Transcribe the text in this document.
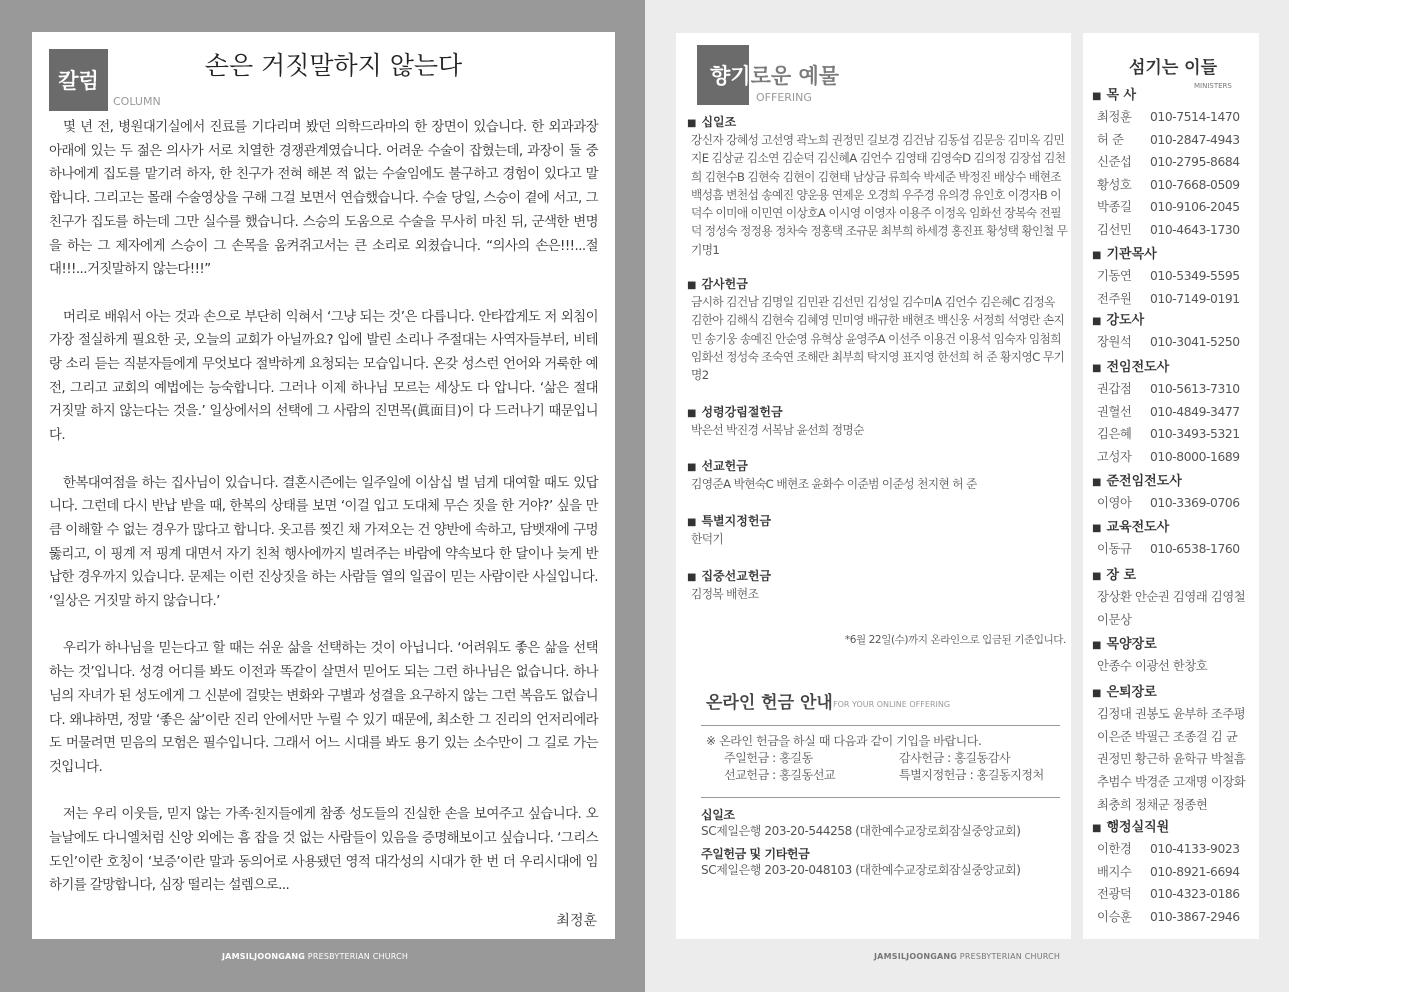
칼럼
COLUMN
손은 거짓말하지 않는다

몇 년 전, 병원대기실에서 진료를 기다리며 봤던 의학드라마의 한 장면이 있습니다. 한 외과과장 아래에 있는 두 젊은 의사가 서로 치열한 경쟁관계였습니다. 어려운 수술이 잡혔는데, 과장이 둘 중 하나에게 집도를 맡기려 하자, 한 친구가 전혀 해본 적 없는 수술임에도 불구하고 경험이 있다고 말합니다. 그리고는 몰래 수술영상을 구해 그걸 보면서 연습했습니다. 수술 당일, 스승이 곁에 서고, 그 친구가 집도를 하는데 그만 실수를 했습니다. 스승의 도움으로 수술을 무사히 마친 뒤, 군색한 변명을 하는 그 제자에게 스승이 그 손목을 움켜쥐고서는 큰 소리로 외쳤습니다. “의사의 손은!!!...절대!!!...거짓말하지 않는다!!!”

머리로 배워서 아는 것과 손으로 부단히 익혀서 ‘그냥 되는 것’은 다릅니다. 안타깝게도 저 외침이 가장 절실하게 필요한 곳, 오늘의 교회가 아닐까요? 입에 발린 소리나 주절대는 사역자들부터, 비테랑 소리 듣는 직분자들에게 무엇보다 절박하게 요청되는 모습입니다. 온갖 성스런 언어와 거룩한 예전, 그리고 교회의 예법에는 능숙합니다. 그러나 이제 하나님 모르는 세상도 다 압니다. ‘삶은 절대 거짓말 하지 않는다는 것을.’ 일상에서의 선택에 그 사람의 진면목(眞面目)이 다 드러나기 때문입니다.

한복대여점을 하는 집사님이 있습니다. 결혼시즌에는 일주일에 이삼십 벌 넘게 대여할 때도 있답니다. 그런데 다시 반납 받을 때, 한복의 상태를 보면 ‘이걸 입고 도대체 무슨 짓을 한 거야?’ 싶을 만큼 이해할 수 없는 경우가 많다고 합니다. 옷고름 찢긴 채 가져오는 건 양반에 속하고, 담뱃재에 구멍 뚫리고, 이 핑계 저 핑계 대면서 자기 친척 행사에까지 빌려주는 바람에 약속보다 한 달이나 늦게 반납한 경우까지 있습니다. 문제는 이런 진상짓을 하는 사람들 열의 일곱이 믿는 사람이란 사실입니다. ‘일상은 거짓말 하지 않습니다.’

우리가 하나님을 믿는다고 할 때는 쉬운 삶을 선택하는 것이 아닙니다. ‘어려워도 좋은 삶을 선택하는 것’입니다. 성경 어디를 봐도 이전과 똑같이 살면서 믿어도 되는 그런 하나님은 없습니다. 하나님의 자녀가 된 성도에게 그 신분에 걸맞는 변화와 구별과 성결을 요구하지 않는 그런 복음도 없습니다. 왜냐하면, 정말 ‘좋은 삶’이란 진리 안에서만 누릴 수 있기 때문에, 최소한 그 진리의 언저리에라도 머물려면 믿음의 모험은 필수입니다. 그래서 어느 시대를 봐도 용기 있는 소수만이 그 길로 가는 것입니다.

저는 우리 이웃들, 믿지 않는 가족·친지들에게 참종 성도들의 진실한 손을 보여주고 싶습니다. 오늘날에도 다니엘처럼 신앙 외에는 흠 잡을 것 없는 사람들이 있음을 증명해보이고 싶습니다. ‘그리스도인’이란 호칭이 ‘보증’이란 말과 동의어로 사용됐던 영적 대각성의 시대가 한 번 더 우리시대에 임하기를 갈망합니다, 심장 떨리는 설렘으로...

최정훈
JAMSILJOONGANG PRESBYTERIAN CHURCH	JAMSILJOONGANG PRESBYTERIAN CHURCH
향기로운 예물
OFFERING
■ 십일조
강신자 강혜성 고선영 곽노희 권정민 길보경 김건남 김동섭 김문응 김미옥 김민지E 김상균 김소연 김순덕 김신혜A 김언수 김영태 김영숙D 김의정 김장섭 김천희 김현수B 김현숙 김현이 김현태 남상금 류희숙 박세준 박정진 배상수 배현조 백성흠 변천섭 송예진 양운용 연제운 오경희 우주경 유의경 유인호 이경자B 이덕수 이미애 이민연 이상호A 이시영 이영자 이용주 이정옥 임화선 장복숙 전필덕 정성숙 정정용 정차숙 정홍택 조규문 최부희 하세경 홍진표 황성택 황인철 무기명1
■ 감사헌금
금시하 김건남 김명일 김민관 김선민 김성일 김수미A 김언수 김은혜C 김정옥 김한아 김해식 김현숙 김혜영 민미영 배규한 배현조 백신웅 서정희 석영란 손지민 송기웅 송예진 안순영 유혁상 윤영주A 이선주 이용건 이용석 임숙자 임첨희 임화선 정성숙 조숙연 조해란 최부희 탁지영 표지영 한선희 허 준 황지영C 무기명2
■ 성령강림절헌금
박은선 박진경 서복남 윤선희 정명순
■ 선교헌금
김영준A 박현숙C 배현조 윤화수 이준범 이준성 천지현 허 준
■ 특별지정헌금
한덕기
■ 집중선교헌금
김정복 배현조
*6월 22일(수)까지 온라인으로 입금된 기준입니다.
온라인 헌금 안내 FOR YOUR ONLINE OFFERING
※ 온라인 헌금을 하실 때 다음과 같이 기입을 바랍니다.
주일헌금 : 홍길동	감사헌금 : 홍길동감사
선교헌금 : 홍길동선교	특별지정헌금 : 홍길동지정처
십일조
SC제일은행 203-20-544258 (대한예수교장로회잠실중앙교회)
주일헌금 및 기타헌금
SC제일은행 203-20-048103 (대한예수교장로회잠실중앙교회)
섬기는 이들
MINISTERS
■ 목 사
최정훈	010-7514-1470
허 준	010-2847-4943
신준섭	010-2795-8684
황성호	010-7668-0509
박종길	010-9106-2045
김선민	010-4643-1730
■ 기관목사
기동연	010-5349-5595
전주원	010-7149-0191
■ 강도사
장원석	010-3041-5250
■ 전임전도사
권갑점	010-5613-7310
권혈선	010-4849-3477
김은혜	010-3493-5321
고성자	010-8000-1689
■ 준전임전도사
이영아	010-3369-0706
■ 교육전도사
이동규	010-6538-1760
■ 장 로
장상환 안순권 김영래 김영철
이문상
■ 목양장로
안종수 이광선 한창호
■ 은퇴장로
김정대 권봉도 윤부하 조주평
이은준 박필근 조종걸 김 균
권정민 황근하 윤학규 박철흠
추범수 박경준 고재명 이장화
최충희 정채군 정종현
■ 행정실직원
이한경	010-4133-9023
배지수	010-8921-6694
전광덕	010-4323-0186
이승훈	010-3867-2946
